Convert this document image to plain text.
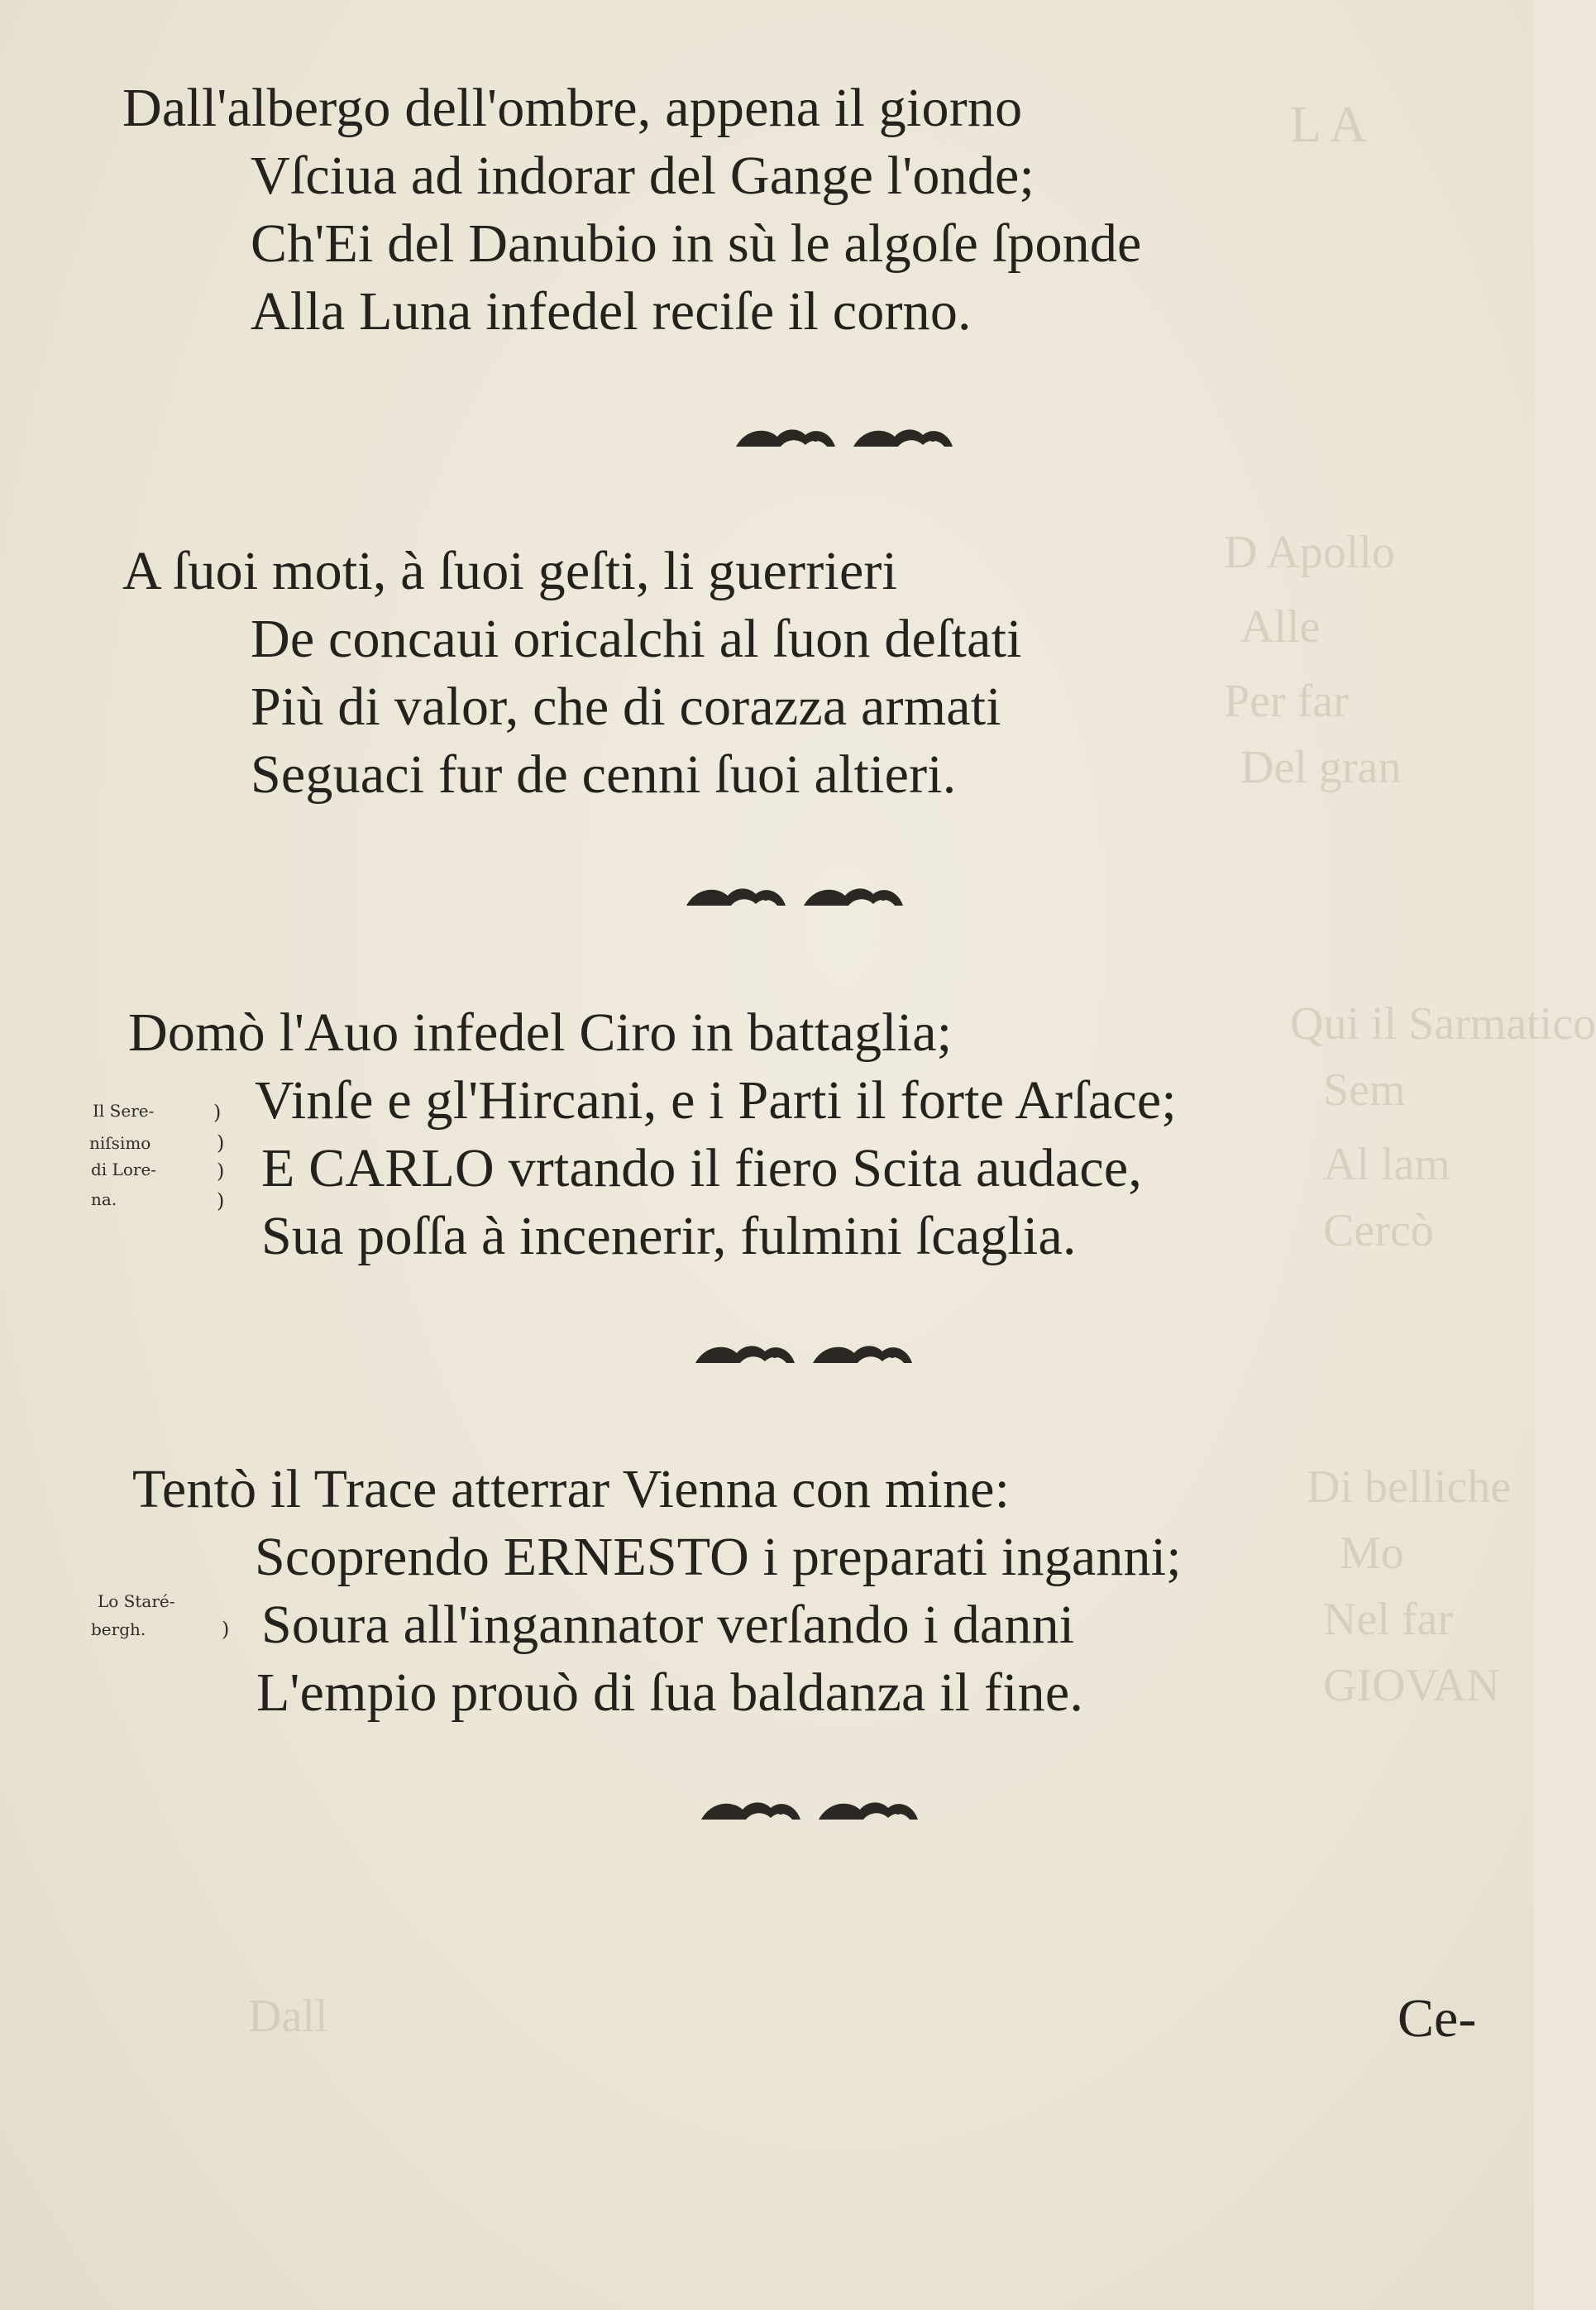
L A
D Apollo
Alle
Per far
Del gran
Qui il Sarmatico
Sem
Al lam
Cercò
Di belliche
Mo
Nel far
GIOVAN
Dall
Dall'albergo dell'ombre, appena il giorno
Vſciua ad indorar del Gange l'onde;
Ch'Ei del Danubio in sù le algoſe ſponde
Alla Luna infedel reciſe il corno.
A ſuoi moti, à ſuoi geſti, li guerrieri
De concaui oricalchi al ſuon deſtati
Più di valor, che di corazza armati
Seguaci fur de cenni ſuoi altieri.
Domò l'Auo infedel Ciro in battaglia;
Vinſe e gl'Hircani, e i Parti il forte Arſace;
E CARLO vrtando il fiero Scita audace,
Sua poſſa à incenerir, fulmini ſcaglia.
Il Sere-
niſsimo
di Lore-
na.
)
)
)
)
Tentò il Trace atterrar Vienna con mine:
Scoprendo ERNESTO i preparati inganni;
Soura all'ingannator verſando i danni
L'empio prouò di ſua baldanza il fine.
Lo Staré-
bergh.	)
Ce-
